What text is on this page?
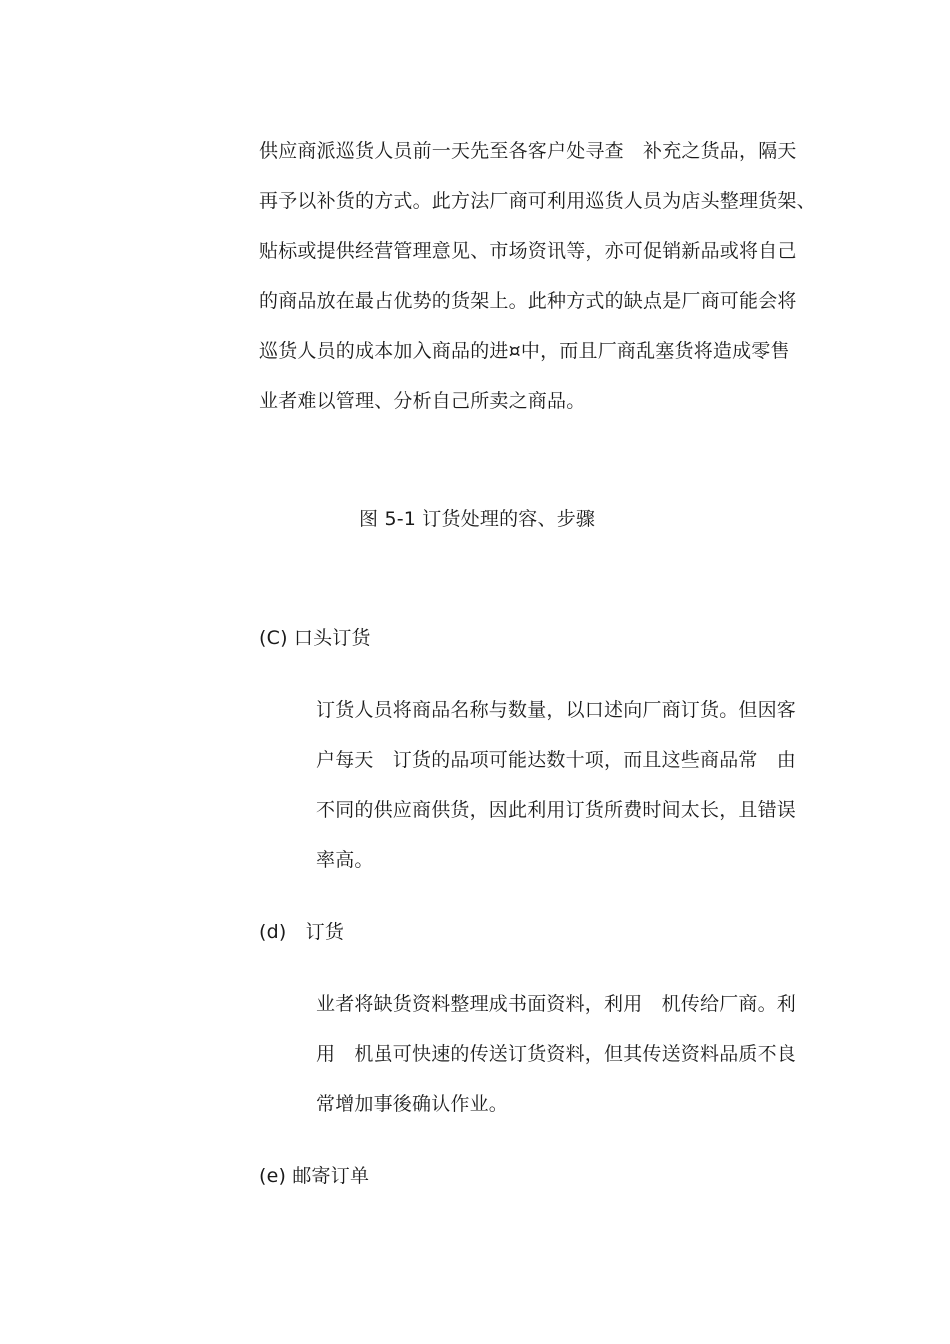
供应商派巡货人员前一天先至各客户处寻查　补充之货品，隔天
再予以补货的方式。此方法厂商可利用巡货人员为店头整理货架、
贴标或提供经营管理意见、市场资讯等，亦可促销新品或将自己
的商品放在最占优势的货架上。此种方式的缺点是厂商可能会将
巡货人员的成本加入商品的进¤中，而且厂商乱塞货将造成零售
业者难以管理、分析自己所卖之商品。
图 5-1 订货处理的容、步骤
(C) 口头订货
订货人员将商品名称与数量，以口述向厂商订货。但因客
户每天　订货的品项可能达数十项，而且这些商品常　由
不同的供应商供货，因此利用订货所费时间太长，且错误
率高。
(d)　订货
业者将缺货资料整理成书面资料，利用　机传给厂商。利
用　机虽可快速的传送订货资料，但其传送资料品质不良
常增加事後确认作业。
(e) 邮寄订单
